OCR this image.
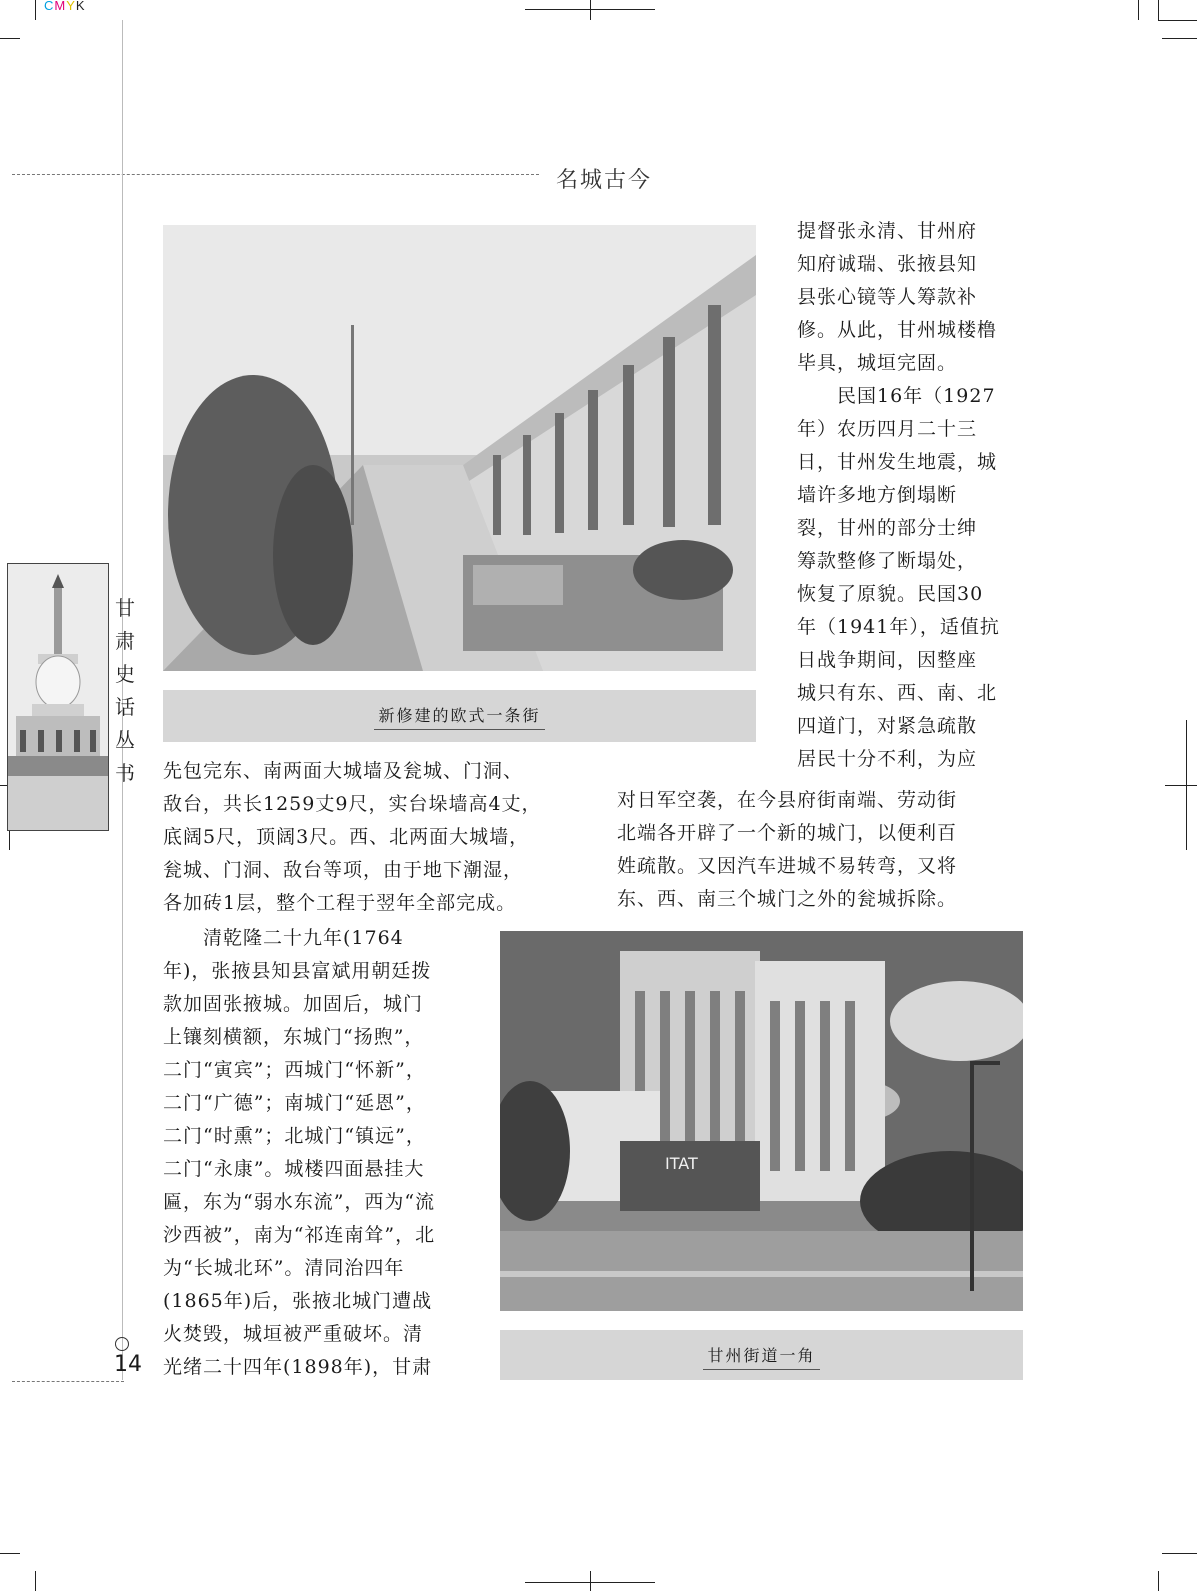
CMYK
名城古今
甘
肃
史
话
丛
书
新修建的欧式一条街
提督张永清、甘州府
知府诚瑞、张掖县知
县张心镜等人筹款补
修。从此，甘州城楼橹
毕具，城垣完固。
　　民国16年（1927
年）农历四月二十三
日，甘州发生地震，城
墙许多地方倒塌断
裂，甘州的部分士绅
筹款整修了断塌处，
恢复了原貌。民国30
年（1941年），适值抗
日战争期间，因整座
城只有东、西、南、北
四道门，对紧急疏散
居民十分不利，为应
先包完东、南两面大城墙及瓮城、门洞、
敌台，共长1259丈9尺，实台垛墙高4丈，
底阔5尺，顶阔3尺。西、北两面大城墙，
瓮城、门洞、敌台等项，由于地下潮湿，
各加砖1层，整个工程于翌年全部完成。
对日军空袭，在今县府街南端、劳动街
北端各开辟了一个新的城门，以便利百
姓疏散。又因汽车进城不易转弯，又将
东、西、南三个城门之外的瓮城拆除。
　　清乾隆二十九年(1764
年)，张掖县知县富斌用朝廷拨
款加固张掖城。加固后，城门
上镶刻横额，东城门“扬煦”，
二门“寅宾”；西城门“怀新”，
二门“广德”；南城门“延恩”，
二门“时熏”；北城门“镇远”，
二门“永康”。城楼四面悬挂大
匾，东为“弱水东流”，西为“流
沙西被”，南为“祁连南耸”，北
为“长城北环”。清同治四年
(1865年)后，张掖北城门遭战
火焚毁，城垣被严重破坏。清
光绪二十四年(1898年)，甘肃
ITAT
甘州街道一角
14
